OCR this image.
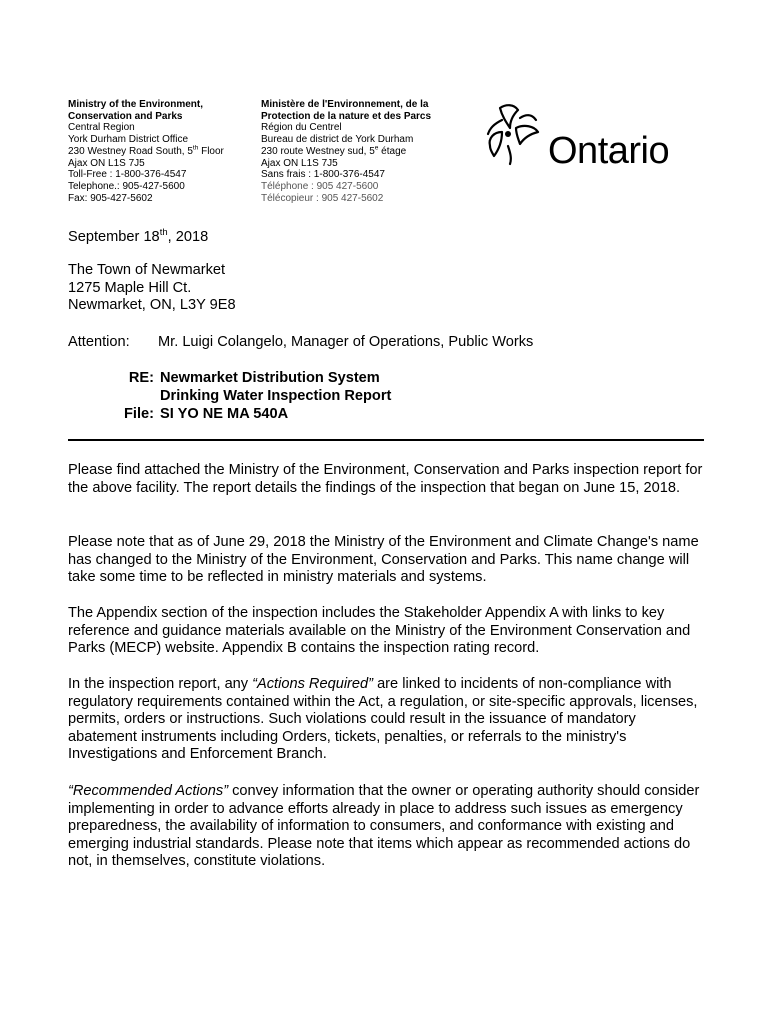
Ministry of the Environment,
Conservation and Parks
Central Region
York Durham District Office
230 Westney Road South, 5th Floor
Ajax ON L1S 7J5
Toll-Free : 1-800-376-4547
Telephone.: 905-427-5600
Fax: 905-427-5602
Ministère de l'Environnement, de la
Protection de la nature et des Parcs
Région du Centrel
Bureau de district de York Durham
230 route Westney sud, 5e étage
Ajax ON L1S 7J5
Sans frais : 1-800-376-4547
Téléphone : 905 427-5600
Télécopieur : 905 427-5602
Ontario
September 18th, 2018
The Town of Newmarket
1275 Maple Hill Ct.
Newmarket, ON, L3Y 9E8
Attention: Mr. Luigi Colangelo, Manager of Operations, Public Works
RE: Newmarket Distribution System
Drinking Water Inspection Report
File: SI YO NE MA 540A

Please find attached the Ministry of the Environment, Conservation and Parks inspection report for the above facility. The report details the findings of the inspection that began on June 15, 2018.

Please note that as of June 29, 2018 the Ministry of the Environment and Climate Change's name has changed to the Ministry of the Environment, Conservation and Parks. This name change will take some time to be reflected in ministry materials and systems.

The Appendix section of the inspection includes the Stakeholder Appendix A with links to key reference and guidance materials available on the Ministry of the Environment Conservation and Parks (MECP) website. Appendix B contains the inspection rating record.

In the inspection report, any “Actions Required” are linked to incidents of non-compliance with regulatory requirements contained within the Act, a regulation, or site-specific approvals, licenses, permits, orders or instructions. Such violations could result in the issuance of mandatory abatement instruments including Orders, tickets, penalties, or referrals to the ministry's Investigations and Enforcement Branch.

“Recommended Actions” convey information that the owner or operating authority should consider implementing in order to advance efforts already in place to address such issues as emergency preparedness, the availability of information to consumers, and conformance with existing and emerging industrial standards. Please note that items which appear as recommended actions do not, in themselves, constitute violations.
